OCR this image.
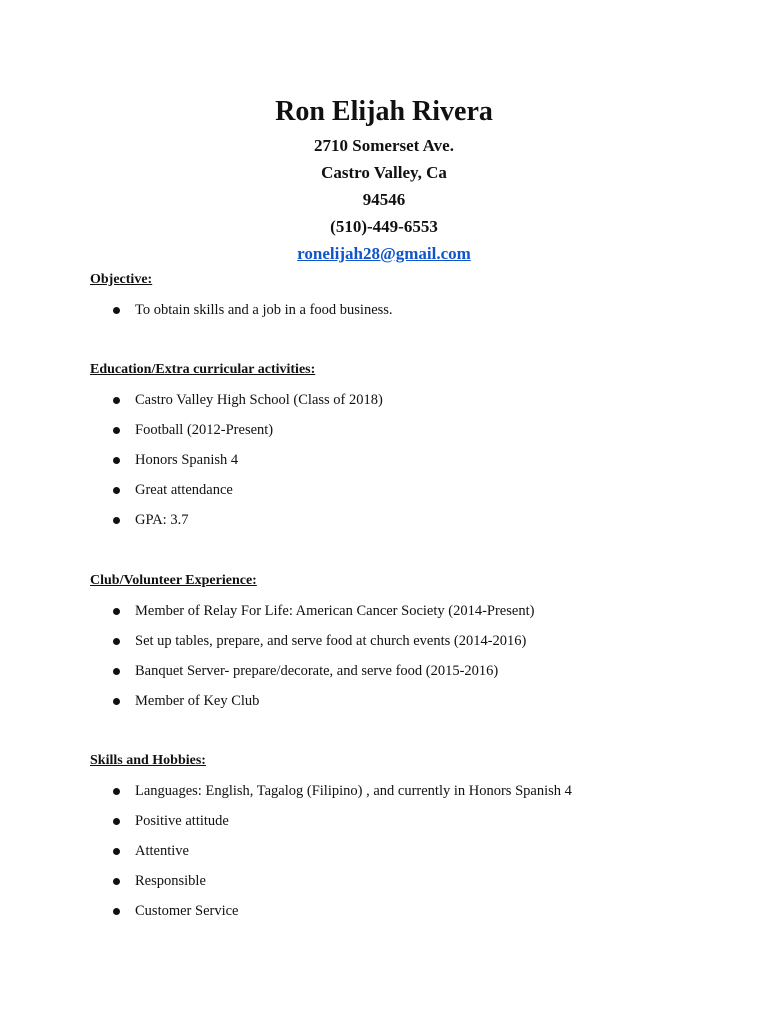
Ron Elijah Rivera

2710 Somerset Ave.

Castro Valley, Ca

94546

(510)-449-6553

ronelijah28@gmail.com

Objective:

To obtain skills and a job in a food business.

Education/Extra curricular activities:

Castro Valley High School (Class of 2018)
Football (2012-Present)
Honors Spanish 4
Great attendance
GPA: 3.7

Club/Volunteer Experience:

Member of Relay For Life: American Cancer Society (2014-Present)
Set up tables, prepare, and serve food at church events (2014-2016)
Banquet Server- prepare/decorate, and serve food (2015-2016)
Member of Key Club

Skills and Hobbies:

Languages: English, Tagalog (Filipino) , and currently in Honors Spanish 4
Positive attitude
Attentive
Responsible
Customer Service
